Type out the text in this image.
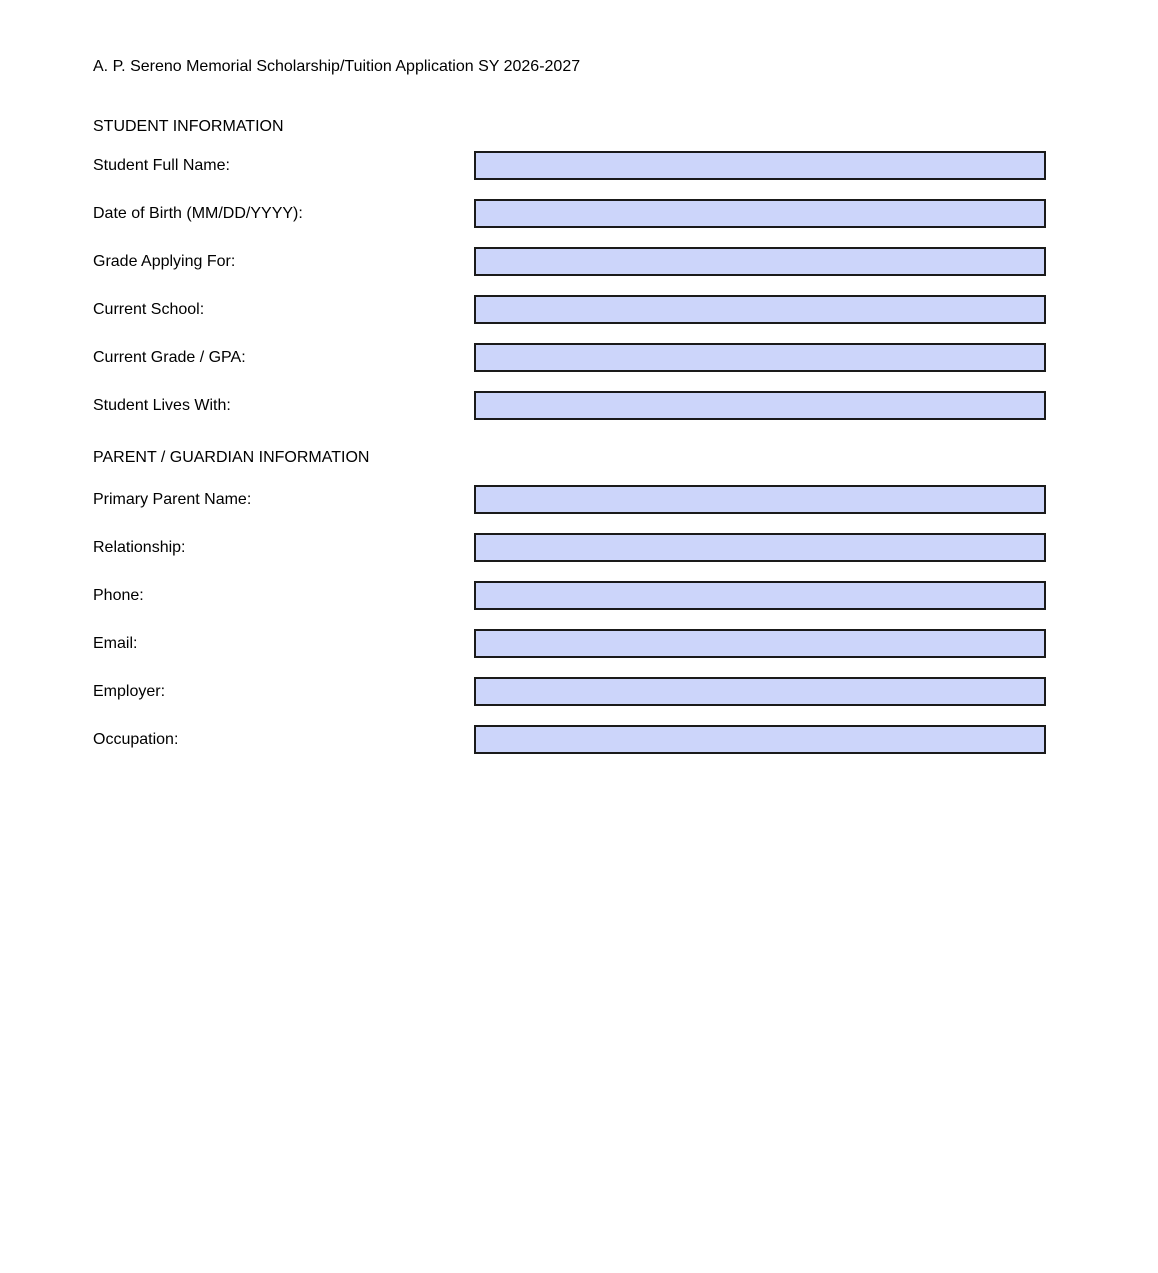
A. P. Sereno Memorial Scholarship/Tuition Application SY 2026-2027
STUDENT INFORMATION
Student Full Name:
Date of Birth (MM/DD/YYYY):
Grade Applying For:
Current School:
Current Grade / GPA:
Student Lives With:
PARENT / GUARDIAN INFORMATION
Primary Parent Name:
Relationship:
Phone:
Email:
Employer:
Occupation:
